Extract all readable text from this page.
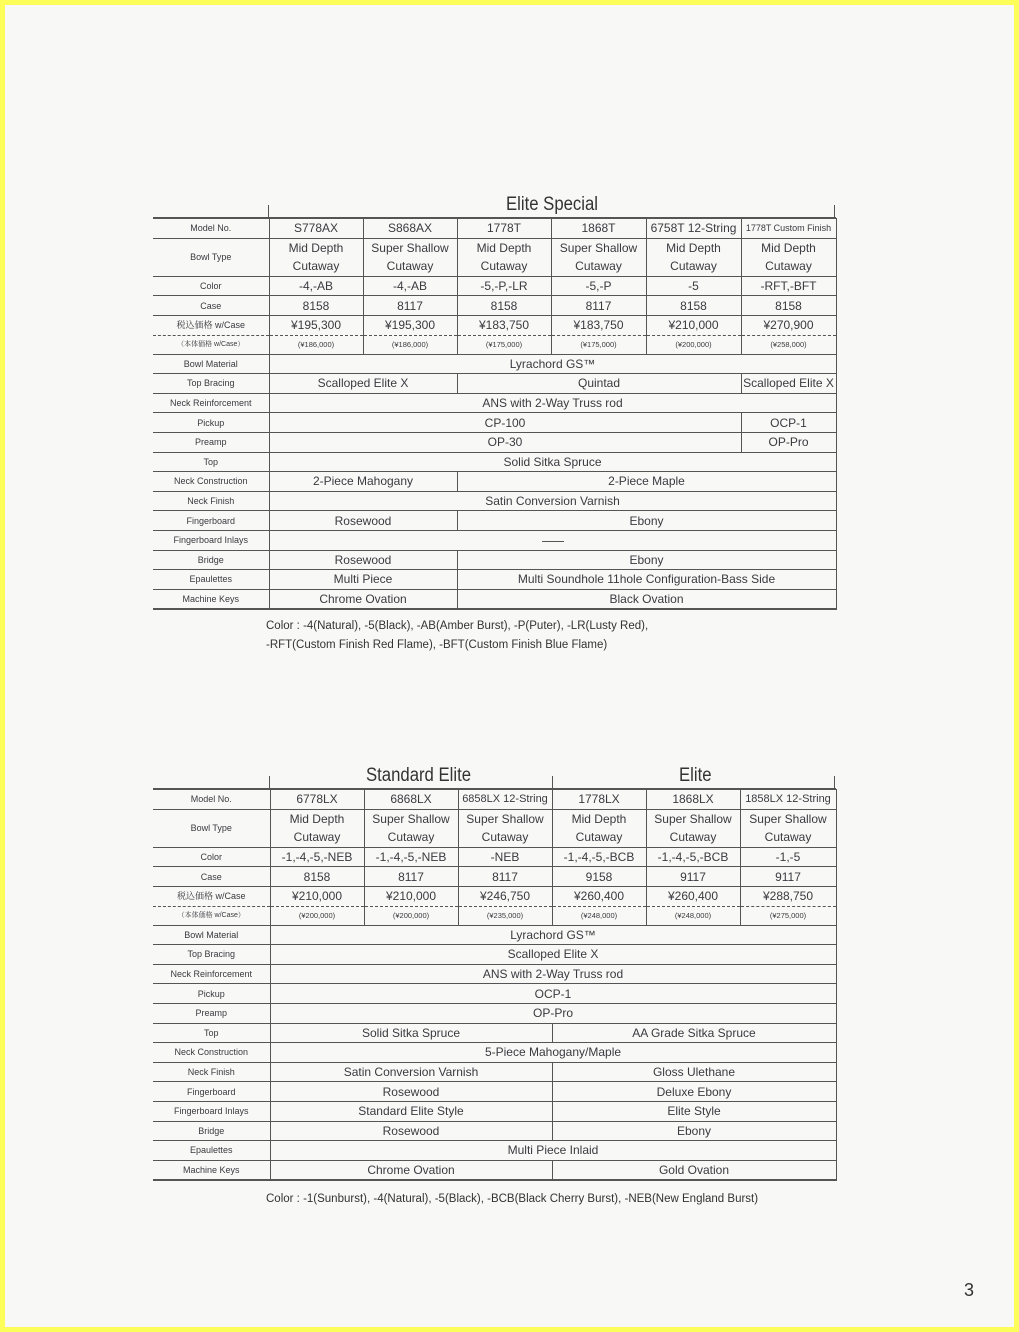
Elite Special
Model No.	S778AX	S868AX	1778T	1868T	6758T 12-String	1778T Custom Finish
Bowl Type	Mid Depth	Super Shallow	Mid Depth	Super Shallow	Mid Depth	Mid Depth
	Cutaway	Cutaway	Cutaway	Cutaway	Cutaway	Cutaway
Color	-4,-AB	-4,-AB	-5,-P,-LR	-5,-P	-5	-RFT,-BFT
Case	8158	8117	8158	8117	8158	8158
税込価格 w/Case	¥195,300	¥195,300	¥183,750	¥183,750	¥210,000	¥270,900
（本体価格 w/Case）	(¥186,000)	(¥186,000)	(¥175,000)	(¥175,000)	(¥200,000)	(¥258,000)
Bowl Material	Lyrachord GS™					
Top Bracing	Scalloped Elite X		Quintad			Scalloped Elite X
Neck Reinforcement	ANS with 2-Way Truss rod					
Pickup	CP-100					OCP-1
Preamp	OP-30					OP-Pro
Top	Solid Sitka Spruce					
Neck Construction	2-Piece Mahogany		2-Piece Maple			
Neck Finish	Satin Conversion Varnish					
Fingerboard	Rosewood		Ebony			
Fingerboard Inlays						
Bridge	Rosewood		Ebony			
Epaulettes	Multi Piece		Multi Soundhole 11hole Configuration-Bass Side			
Machine Keys	Chrome Ovation		Black Ovation			
Color : -4(Natural), -5(Black), -AB(Amber Burst), -P(Puter), -LR(Lusty Red),
-RFT(Custom Finish Red Flame), -BFT(Custom Finish Blue Flame)
Standard Elite	Elite
Model No.	6778LX	6868LX	6858LX 12-String	1778LX	1868LX	1858LX 12-String
Bowl Type	Mid Depth	Super Shallow	Super Shallow	Mid Depth	Super Shallow	Super Shallow
	Cutaway	Cutaway	Cutaway	Cutaway	Cutaway	Cutaway
Color	-1,-4,-5,-NEB	-1,-4,-5,-NEB	-NEB	-1,-4,-5,-BCB	-1,-4,-5,-BCB	-1,-5
Case	8158	8117	8117	9158	9117	9117
税込価格 w/Case	¥210,000	¥210,000	¥246,750	¥260,400	¥260,400	¥288,750
（本体価格 w/Case）	(¥200,000)	(¥200,000)	(¥235,000)	(¥248,000)	(¥248,000)	(¥275,000)
Bowl Material	Lyrachord GS™					
Top Bracing	Scalloped Elite X					
Neck Reinforcement	ANS with 2-Way Truss rod					
Pickup	OCP-1					
Preamp	OP-Pro					
Top	Solid Sitka Spruce			AA Grade Sitka Spruce		
Neck Construction	5-Piece Mahogany/Maple					
Neck Finish	Satin Conversion Varnish			Gloss Ulethane		
Fingerboard	Rosewood			Deluxe Ebony		
Fingerboard Inlays	Standard Elite Style			Elite Style		
Bridge	Rosewood			Ebony		
Epaulettes	Multi Piece Inlaid					
Machine Keys	Chrome Ovation			Gold Ovation		
Color : -1(Sunburst), -4(Natural), -5(Black), -BCB(Black Cherry Burst), -NEB(New England Burst)
3
